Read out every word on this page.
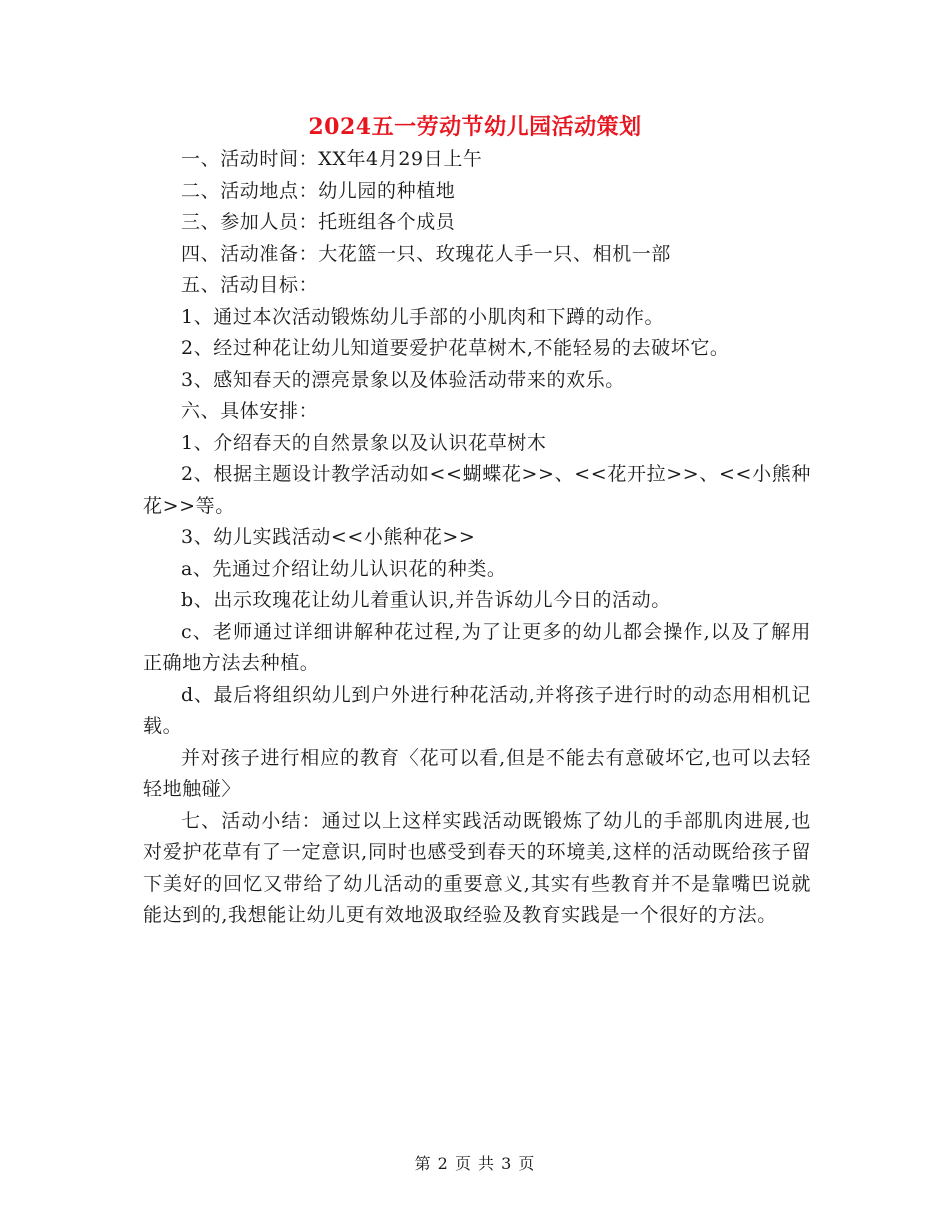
2024五一劳动节幼儿园活动策划

一、活动时间：XX年4月29日上午

二、活动地点：幼儿园的种植地

三、参加人员：托班组各个成员

四、活动准备：大花篮一只、玫瑰花人手一只、相机一部

五、活动目标：

1、通过本次活动锻炼幼儿手部的小肌肉和下蹲的动作。

2、经过种花让幼儿知道要爱护花草树木,不能轻易的去破坏它。

3、感知春天的漂亮景象以及体验活动带来的欢乐。

六、具体安排：

1、介绍春天的自然景象以及认识花草树木

2、根据主题设计教学活动如<<蝴蝶花>>、<<花开拉>>、<<小熊种花>>等。

3、幼儿实践活动<<小熊种花>>

a、先通过介绍让幼儿认识花的种类。

b、出示玫瑰花让幼儿着重认识,并告诉幼儿今日的活动。

c、老师通过详细讲解种花过程,为了让更多的幼儿都会操作,以及了解用正确地方法去种植。

d、最后将组织幼儿到户外进行种花活动,并将孩子进行时的动态用相机记载。

并对孩子进行相应的教育〈花可以看,但是不能去有意破坏它,也可以去轻轻地触碰〉

七、活动小结：通过以上这样实践活动既锻炼了幼儿的手部肌肉进展,也对爱护花草有了一定意识,同时也感受到春天的环境美,这样的活动既给孩子留下美好的回忆又带给了幼儿活动的重要意义,其实有些教育并不是靠嘴巴说就能达到的,我想能让幼儿更有效地汲取经验及教育实践是一个很好的方法。

第 2 页 共 3 页
